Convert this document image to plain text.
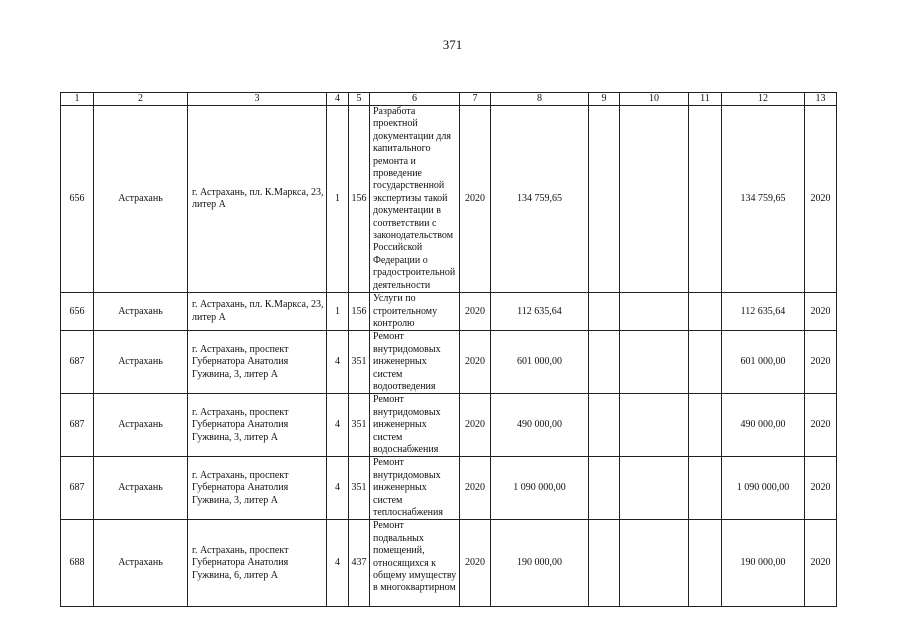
371
1	2	3	4	5	6	7	8	9	10	11	12	13
656	Астрахань	г. Астрахань, пл. К.Маркса, 23, литер А	1	156	Разработа проектной документации для капитального ремонта и проведение государственной экспертизы такой документации в соответствии с законодательством Российской Федерации о градостроительной деятельности	2020	134 759,65				134 759,65	2020
656	Астрахань	г. Астрахань, пл. К.Маркса, 23, литер А	1	156	Услуги по строительному контролю	2020	112 635,64				112 635,64	2020
687	Астрахань	г. Астрахань, проспект Губернатора Анатолия Гужвина, 3, литер А	4	351	Ремонт внутридомовых инженерных систем водоотведения	2020	601 000,00				601 000,00	2020
687	Астрахань	г. Астрахань, проспект Губернатора Анатолия Гужвина, 3, литер А	4	351	Ремонт внутридомовых инженерных систем водоснабжения	2020	490 000,00				490 000,00	2020
687	Астрахань	г. Астрахань, проспект Губернатора Анатолия Гужвина, 3, литер А	4	351	Ремонт внутридомовых инженерных систем теплоснабжения	2020	1 090 000,00				1 090 000,00	2020
688	Астрахань	г. Астрахань, проспект Губернатора Анатолия Гужвина, 6, литер А	4	437	Ремонт подвальных помещений, относящихся к общему имуществу в многоквартирном	2020	190 000,00				190 000,00	2020
